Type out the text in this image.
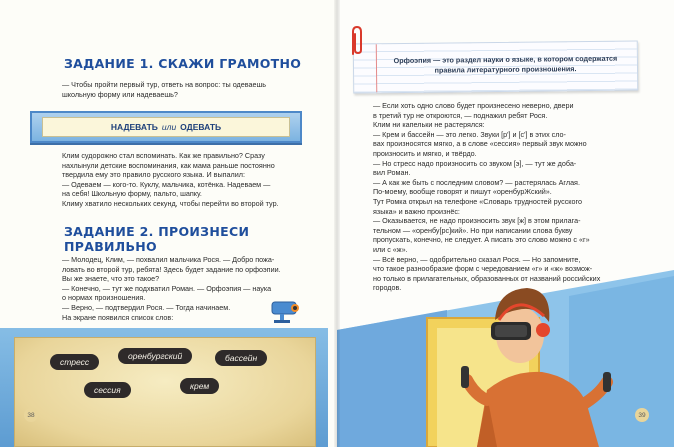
ЗАДАНИЕ 1. СКАЖИ ГРАМОТНО

— Чтобы пройти первый тур, ответь на вопрос: ты одеваешь

школьную форму или надеваешь?

НАДЕВАТЬ или ОДЕВАТЬ

Клим судорожно стал вспоминать. Как же правильно? Сразу

нахлынули детские воспоминания, как мама раньше постоянно

твердила ему это правило русского языка. И выпалил:

— Одеваем — кого-то. Куклу, мальчика, котёнка. Надеваем —

на себя! Школьную форму, пальто, шапку.

Климу хватило нескольких секунд, чтобы перейти во второй тур.

ЗАДАНИЕ 2. ПРОИЗНЕСИ ПРАВИЛЬНО

— Молодец, Клим, — похвалил мальчика Рося. — Добро пожа-

ловать во второй тур, ребята! Здесь будет задание по орфоэпии.

Вы же знаете, что это такое?

— Конечно, — тут же подхватил Роман. — Орфоэпия — наука

о нормах произношения.

— Верно, — подтвердил Рося. — Тогда начинаем.

На экране появился список слов:

стресс
оренбургский	бассейн
сессия	крем
38
Орфоэпия — это раздел науки о языке, в котором содержатся правила литературного произношения.

— Если хоть одно слово будет произнесено неверно, двери

в третий тур не откроются, — поднажил ребят Рося.

Клим ни капельки не растерялся:

— Крем и бассейн — это легко. Звуки [р'] и [с'] в этих сло-

вах произносятся мягко, а в слове «сессия» первый звук можно

произносить и мягко, и твёрдо.

— Но стресс надо произносить со звуком [э], — тут же доба-

вил Роман.

— А как же быть с последним словом? — растерялась Аглая.

По-моему, вообще говорят и пишут «оренбурЖский».

Тут Ромка открыл на телефоне «Словарь трудностей русского

языка» и важно произнёс:

— Оказывается, не надо произносить звук [ж] в этом прилага-

тельном — «оренбу[рс]кий». Но при написании слова букву

пропускать, конечно, не следует. А писать это слово можно с «г»

или с «ж».

— Всё верно, — одобрительно сказал Рося. — Но запомните,

что такое разнообразие форм с чередованием «г» и «ж» возмож-

но только в прилагательных, образованных от названий российских

городов.

39
